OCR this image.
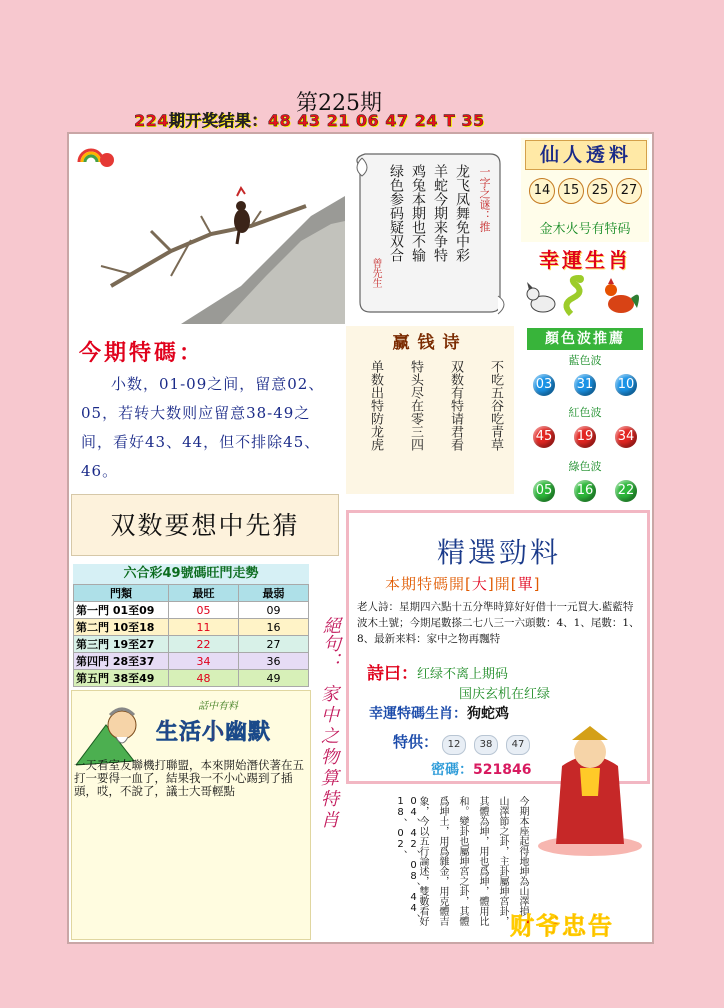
第225期
224期开奖结果：48 43 21 06 47 24 T 35
龙飞凤舞免中彩
羊蛇今期来争特
鸡兔本期也不输
绿色参码疑双合	一字之谜：推
曾先生
仙人透料
14 15 25 27
金木火号有特码
幸運生肖
今期特碼：
小数，01-09之间，留意02、05，若转大数则应留意38-49之间，看好43、44，但不排除45、46。
赢钱诗
不吃五谷吃青草
双数有特请君看
特头尽在零三四
单数出特防龙虎
顏色波推薦
藍色波
03 31 10
紅色波
45 19 34
綠色波
05 16 22
双数要想中先猜
六合彩49號碼旺門走勢
門類	最旺	最弱
第一門 01至09	05	09
第二門 10至18	11	16
第三門 19至27	22	27
第四門 28至37	34	36
第五門 38至49	48	49
話中有料
生活小幽默
一天看室友聯機打聯盟，本來開始潛伏著在五打一要得一血了，結果我一不小心踢到了插頭，哎，不說了，議士大哥輕點
絕句：
家中之物算特肖
精選勁料
本期特碼開[大]開[單]
老人詩：星期四六點十五分準時算好好借十一元買大.藍藍特波木土號；今期尾數搽二七八三一六頭數：4、1、尾數：1、8、最新来料：家中之物再飄特
詩曰： 红绿不离上期码
国庆玄机在红绿
幸運特碼生肖：狗蛇鸡
特供： 12 38 47
密碼：521846
今期本座起得地坤為山澤損
山澤節之卦，主卦屬坤宮卦，
其體為坤，用也爲坤，體用比
和。變卦也屬坤宮之卦，其體
爲坤土，用爲雜金，用克體吉
象，今以五行論述，雙數看好
04、42、08、44、18、02、
财爷忠告
